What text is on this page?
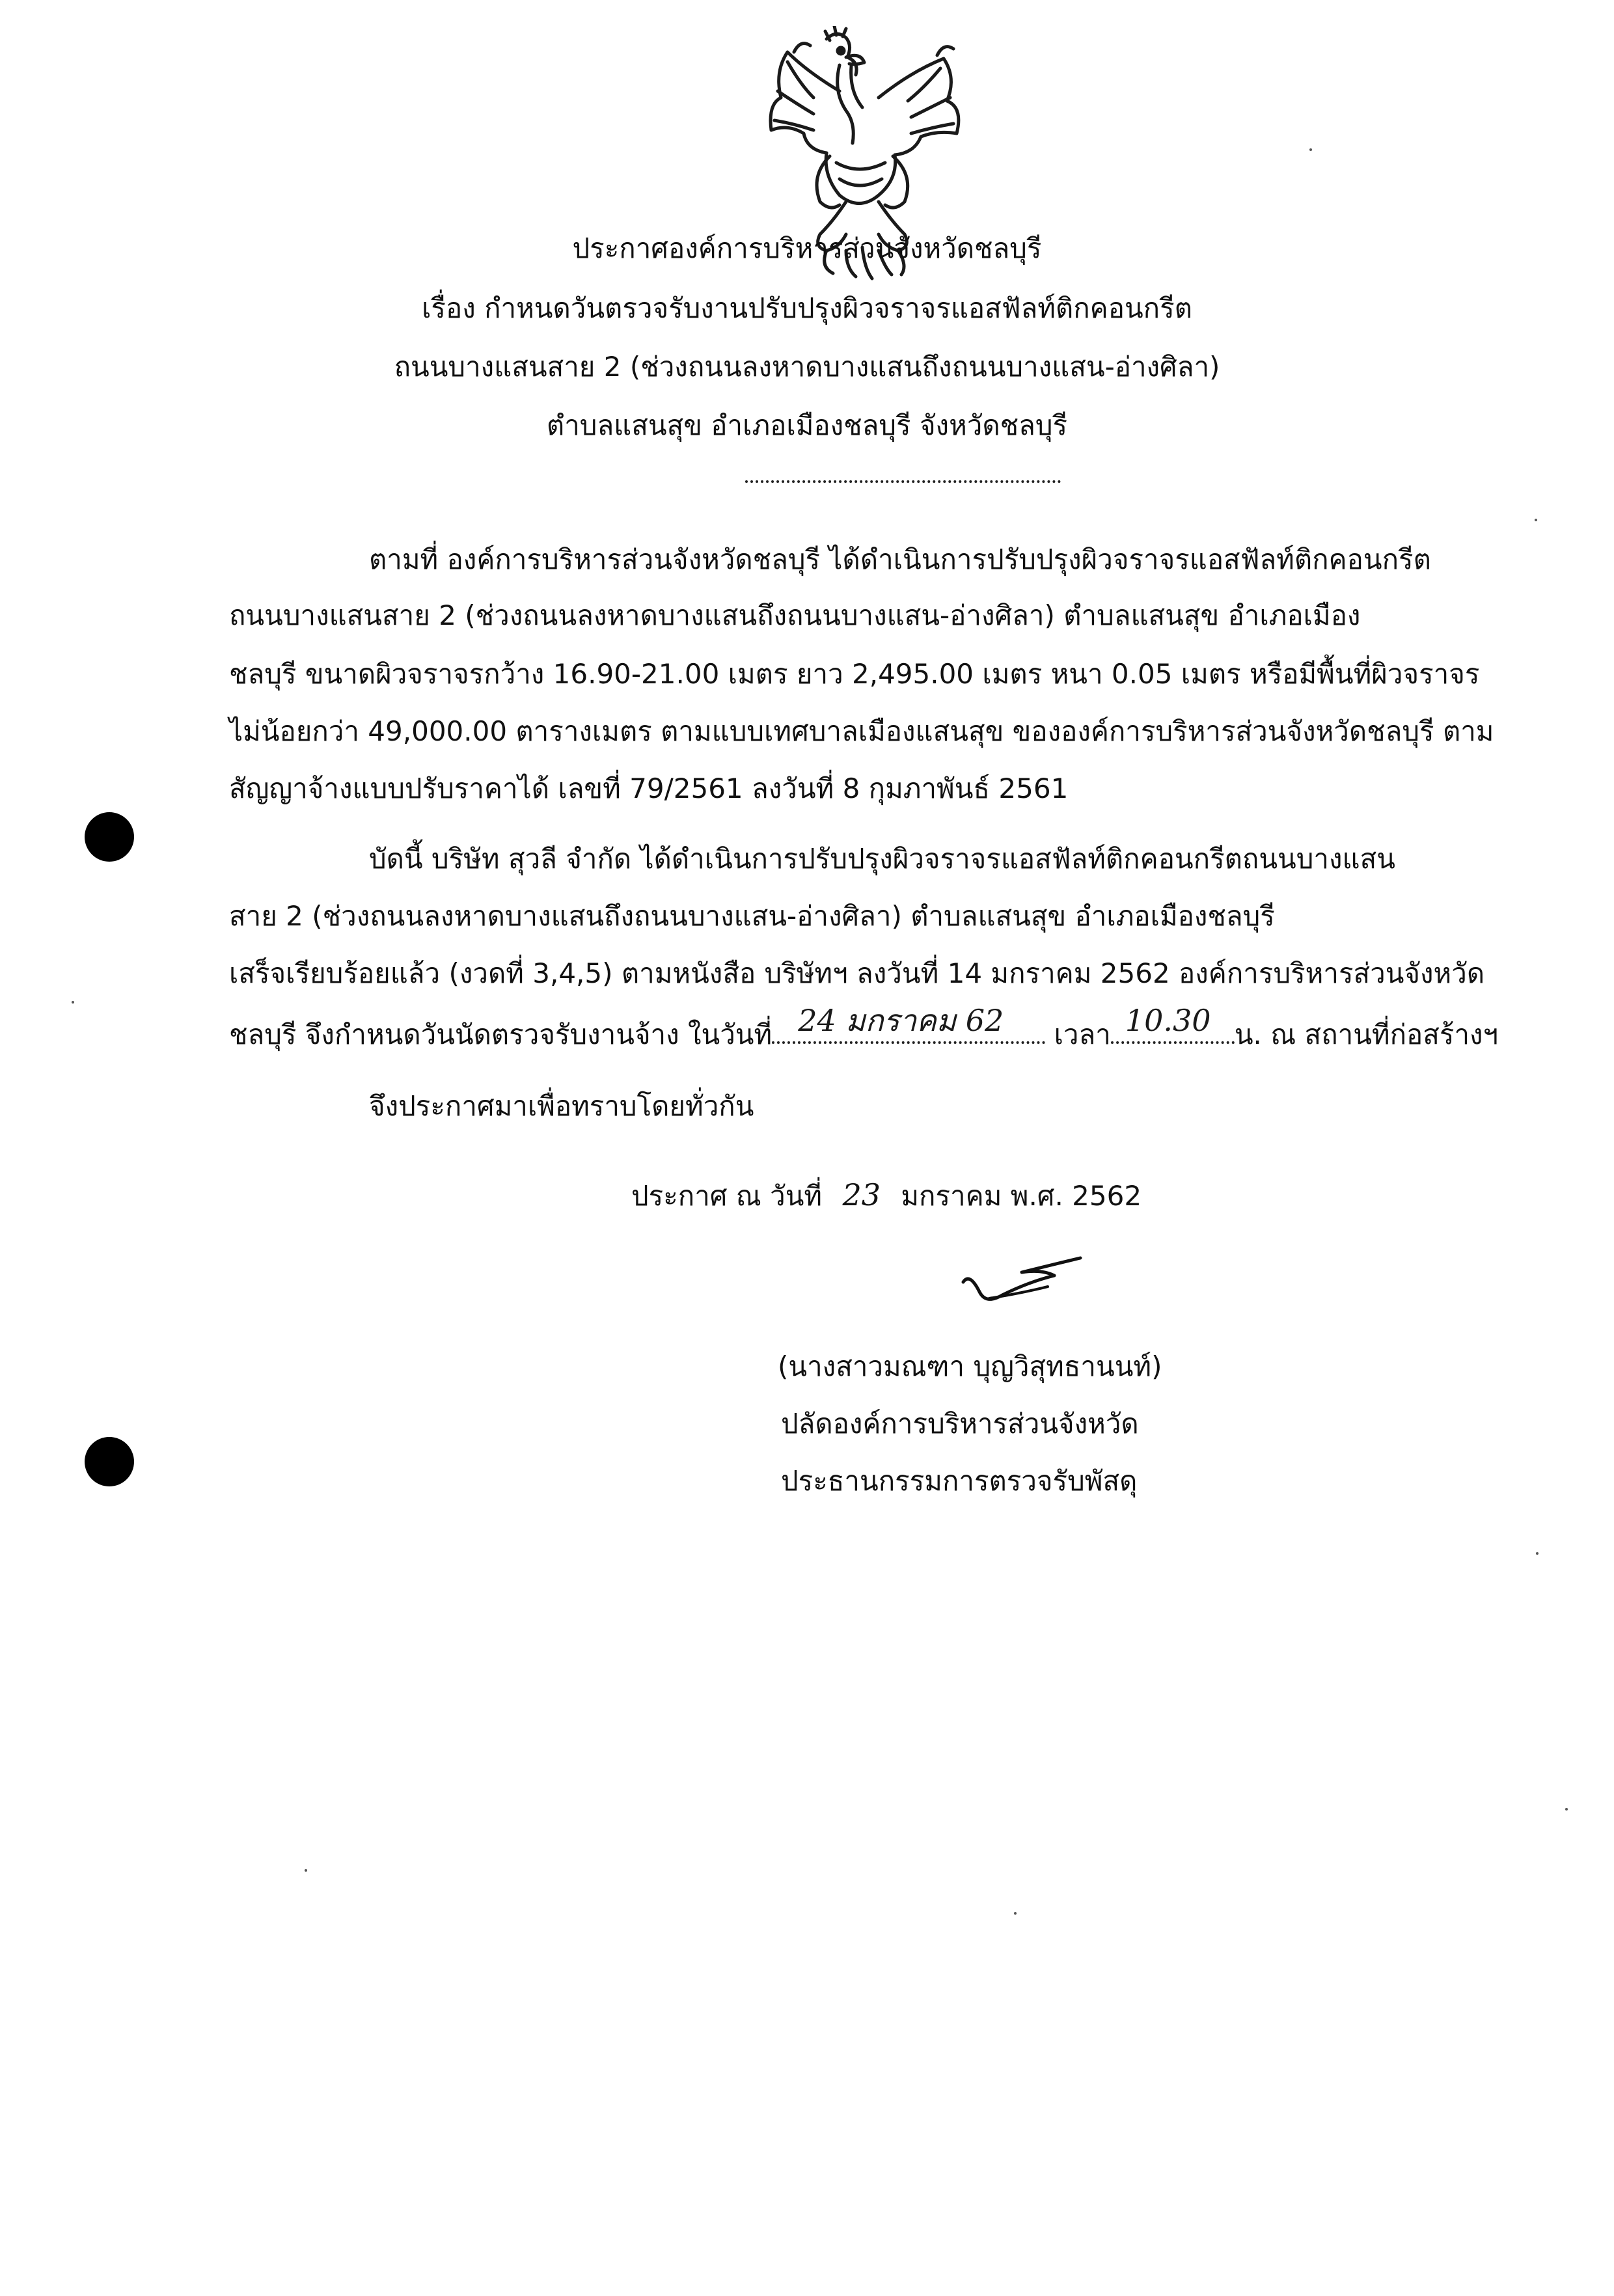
ประกาศองค์การบริหารส่วนจังหวัดชลบุรี
เรื่อง กำหนดวันตรวจรับงานปรับปรุงผิวจราจรแอสฟัลท์ติกคอนกรีต
ถนนบางแสนสาย 2 (ช่วงถนนลงหาดบางแสนถึงถนนบางแสน-อ่างศิลา)
ตำบลแสนสุข อำเภอเมืองชลบุรี จังหวัดชลบุรี
ตามที่ องค์การบริหารส่วนจังหวัดชลบุรี ได้ดำเนินการปรับปรุงผิวจราจรแอสฟัลท์ติกคอนกรีต
ถนนบางแสนสาย 2 (ช่วงถนนลงหาดบางแสนถึงถนนบางแสน-อ่างศิลา) ตำบลแสนสุข อำเภอเมือง
ชลบุรี ขนาดผิวจราจรกว้าง 16.90-21.00 เมตร ยาว 2,495.00 เมตร หนา 0.05 เมตร หรือมีพื้นที่ผิวจราจร
ไม่น้อยกว่า 49,000.00 ตารางเมตร ตามแบบเทศบาลเมืองแสนสุข ขององค์การบริหารส่วนจังหวัดชลบุรี ตาม
สัญญาจ้างแบบปรับราคาได้ เลขที่ 79/2561 ลงวันที่ 8 กุมภาพันธ์ 2561
บัดนี้ บริษัท สุวลี จำกัด ได้ดำเนินการปรับปรุงผิวจราจรแอสฟัลท์ติกคอนกรีตถนนบางแสน
สาย 2 (ช่วงถนนลงหาดบางแสนถึงถนนบางแสน-อ่างศิลา) ตำบลแสนสุข อำเภอเมืองชลบุรี
เสร็จเรียบร้อยแล้ว (งวดที่ 3,4,5) ตามหนังสือ บริษัทฯ ลงวันที่ 14 มกราคม 2562 องค์การบริหารส่วนจังหวัด
ชลบุรี จึงกำหนดวันนัดตรวจรับงานจ้าง ในวันที่ 24 มกราคม 62 เวลา 10.30 น. ณ สถานที่ก่อสร้างฯ
จึงประกาศมาเพื่อทราบโดยทั่วกัน
ประกาศ ณ วันที่ 23 มกราคม พ.ศ. 2562
(นางสาวมณฑา บุญวิสุทธานนท์)
ปลัดองค์การบริหารส่วนจังหวัด
ประธานกรรมการตรวจรับพัสดุ
